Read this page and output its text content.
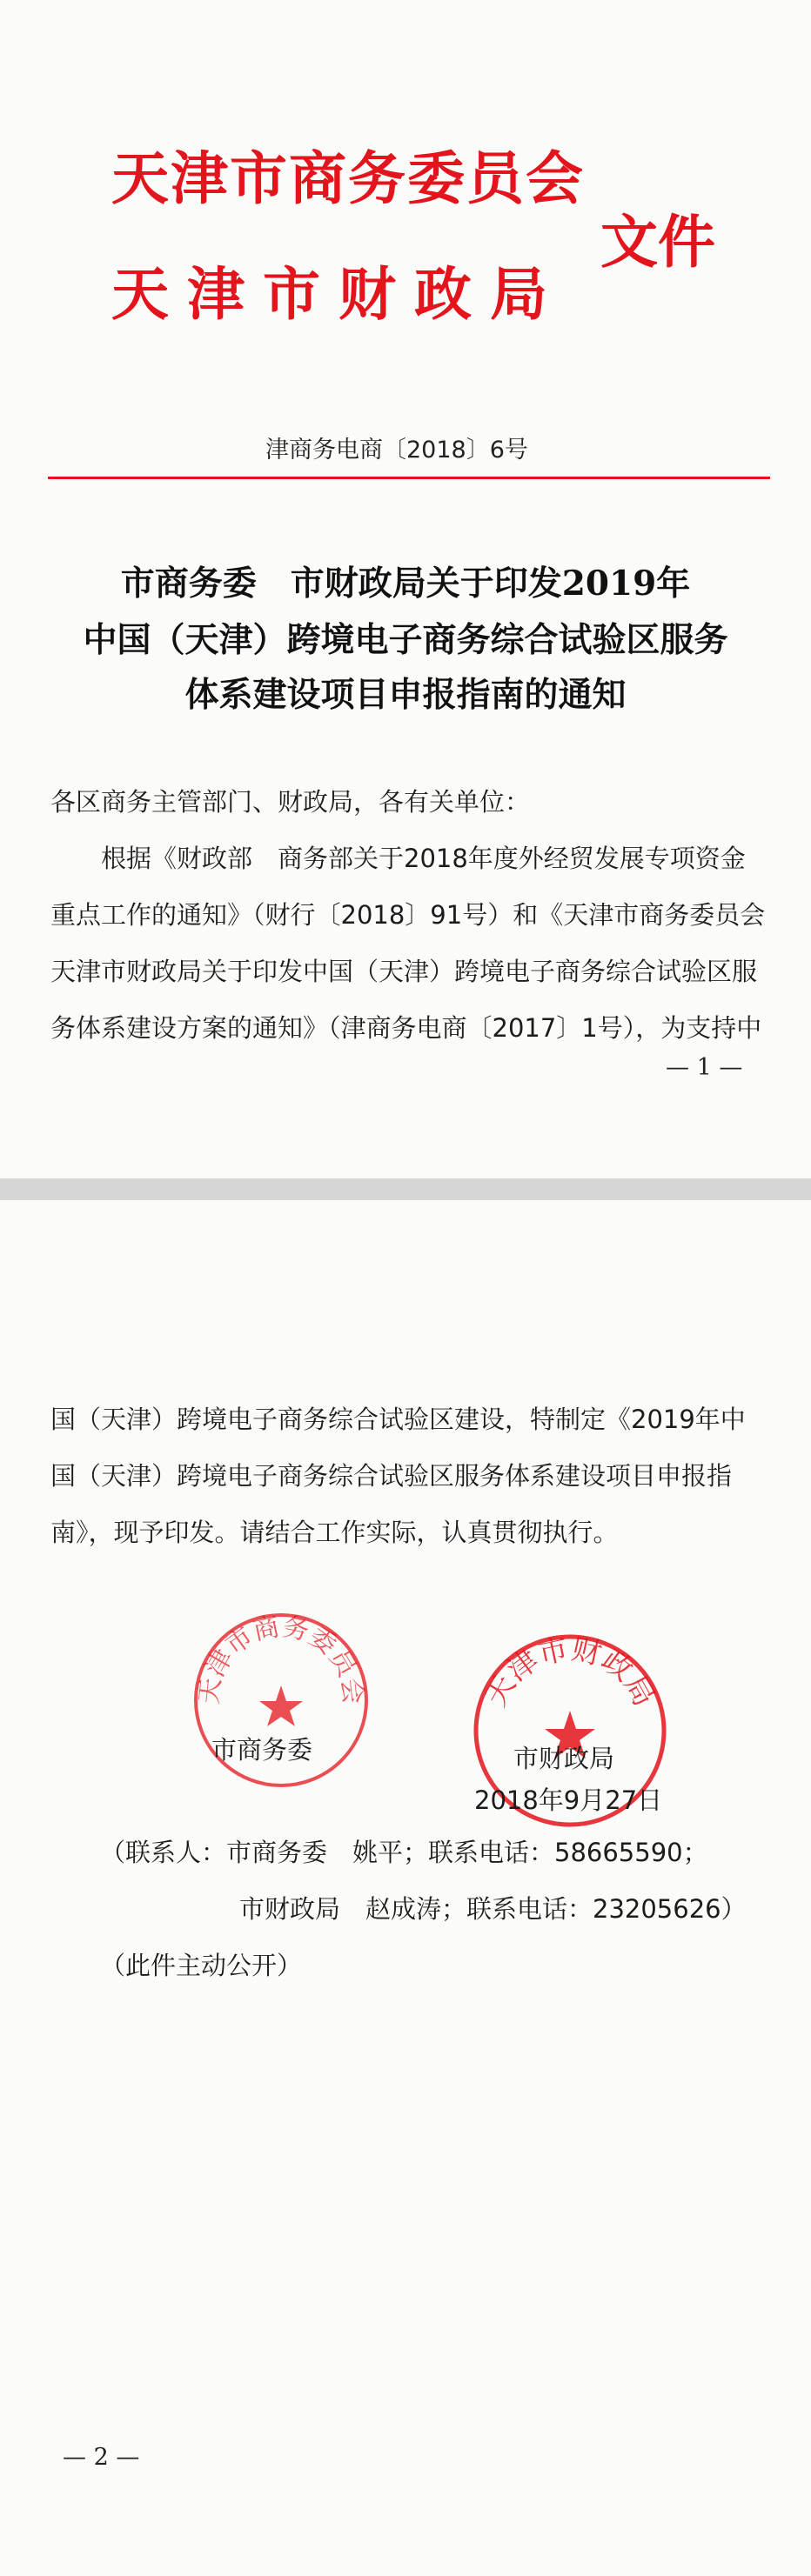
天津市商务委员会
天津市财政局
文件
津商务电商〔2018〕6号
市商务委　市财政局关于印发2019年
中国（天津）跨境电子商务综合试验区服务
体系建设项目申报指南的通知
各区商务主管部门、财政局，各有关单位：
　　根据《财政部　商务部关于2018年度外经贸发展专项资金
重点工作的通知》（财行〔2018〕91号）和《天津市商务委员会
天津市财政局关于印发中国（天津）跨境电子商务综合试验区服
务体系建设方案的通知》（津商务电商〔2017〕1号），为支持中
— 1 —
国（天津）跨境电子商务综合试验区建设，特制定《2019年中
国（天津）跨境电子商务综合试验区服务体系建设项目申报指
南》，现予印发。请结合工作实际，认真贯彻执行。
天津市商务委员会
市商务委
天津市财政局
市财政局
2018年9月27日
（联系人：市商务委　姚平；联系电话：58665590；
市财政局　赵成涛；联系电话：23205626）
（此件主动公开）
— 2 —
